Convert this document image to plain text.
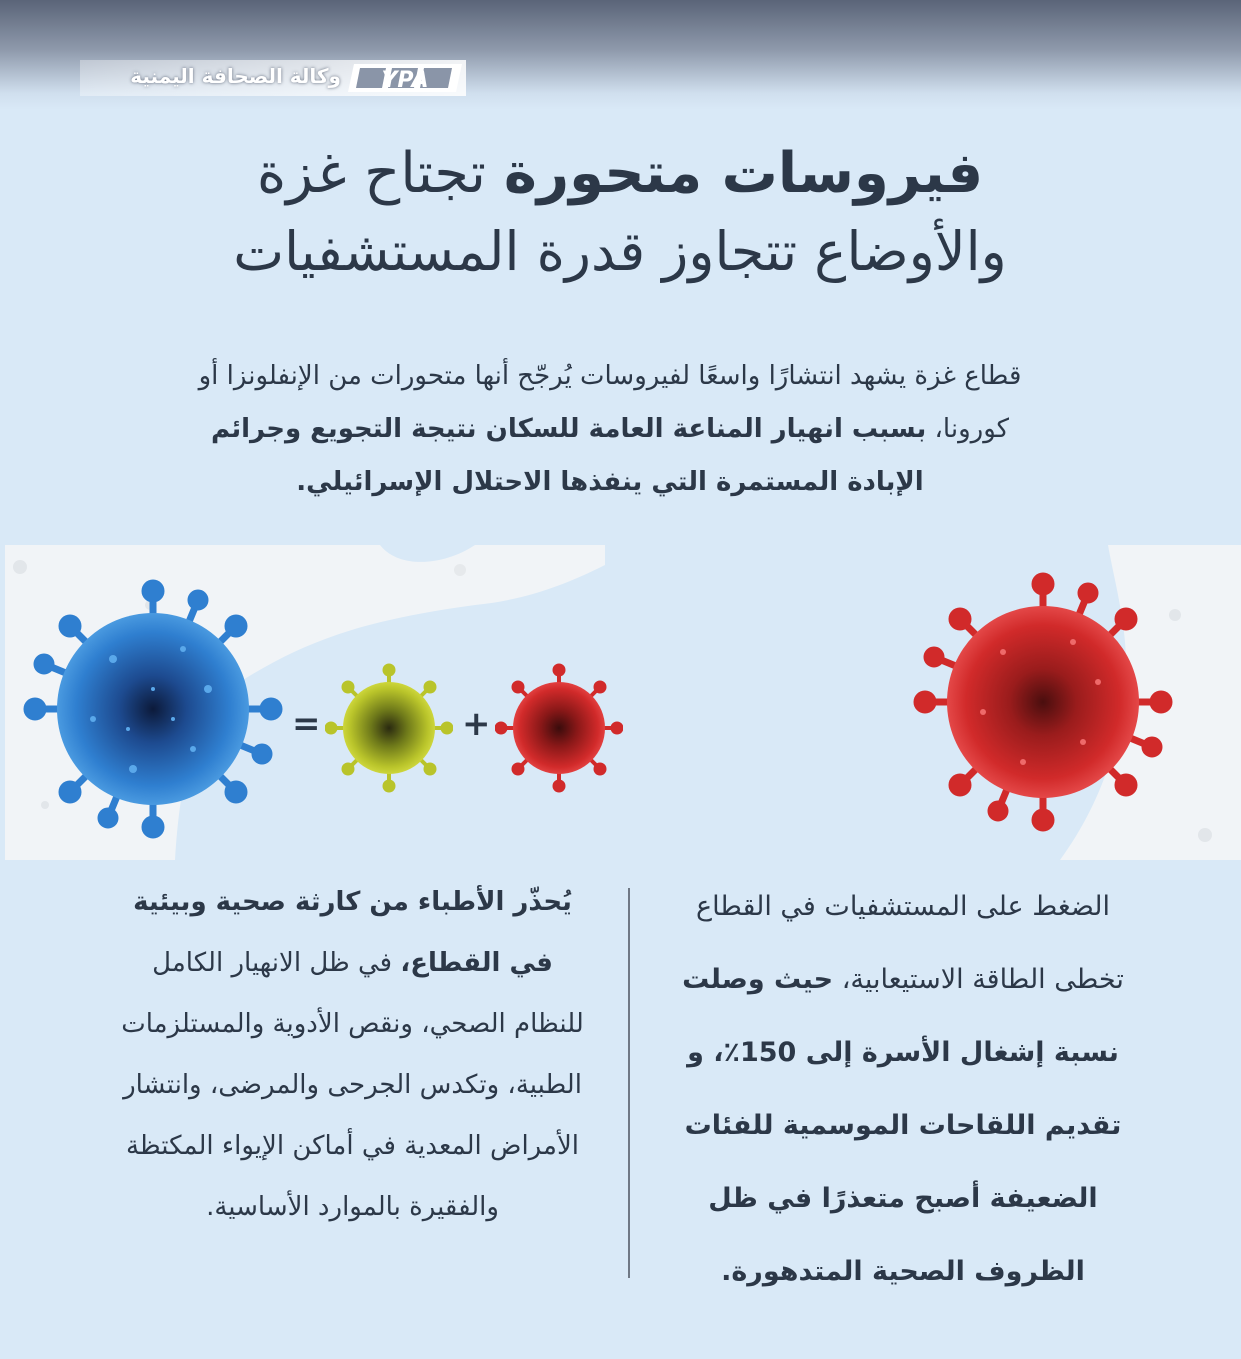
وكالة الصحافة اليمنية YPA
فيروسات متحورة تجتاح غزة
والأوضاع تتجاوز قدرة المستشفيات
قطاع غزة يشهد انتشارًا واسعًا لفيروسات يُرجّح أنها متحورات من الإنفلونزا أو كورونا، بسبب انهيار المناعة العامة للسكان نتيجة التجويع وجرائم الإبادة المستمرة التي ينفذها الاحتلال الإسرائيلي.
=	+
الضغط على المستشفيات في القطاع تخطى الطاقة الاستيعابية، حيث وصلت نسبة إشغال الأسرة إلى 150٪، و تقديم اللقاحات الموسمية للفئات الضعيفة أصبح متعذرًا في ظل الظروف الصحية المتدهورة.
يُحذّر الأطباء من كارثة صحية وبيئية في القطاع، في ظل الانهيار الكامل للنظام الصحي، ونقص الأدوية والمستلزمات الطبية، وتكدس الجرحى والمرضى، وانتشار الأمراض المعدية في أماكن الإيواء المكتظة والفقيرة بالموارد الأساسية.
